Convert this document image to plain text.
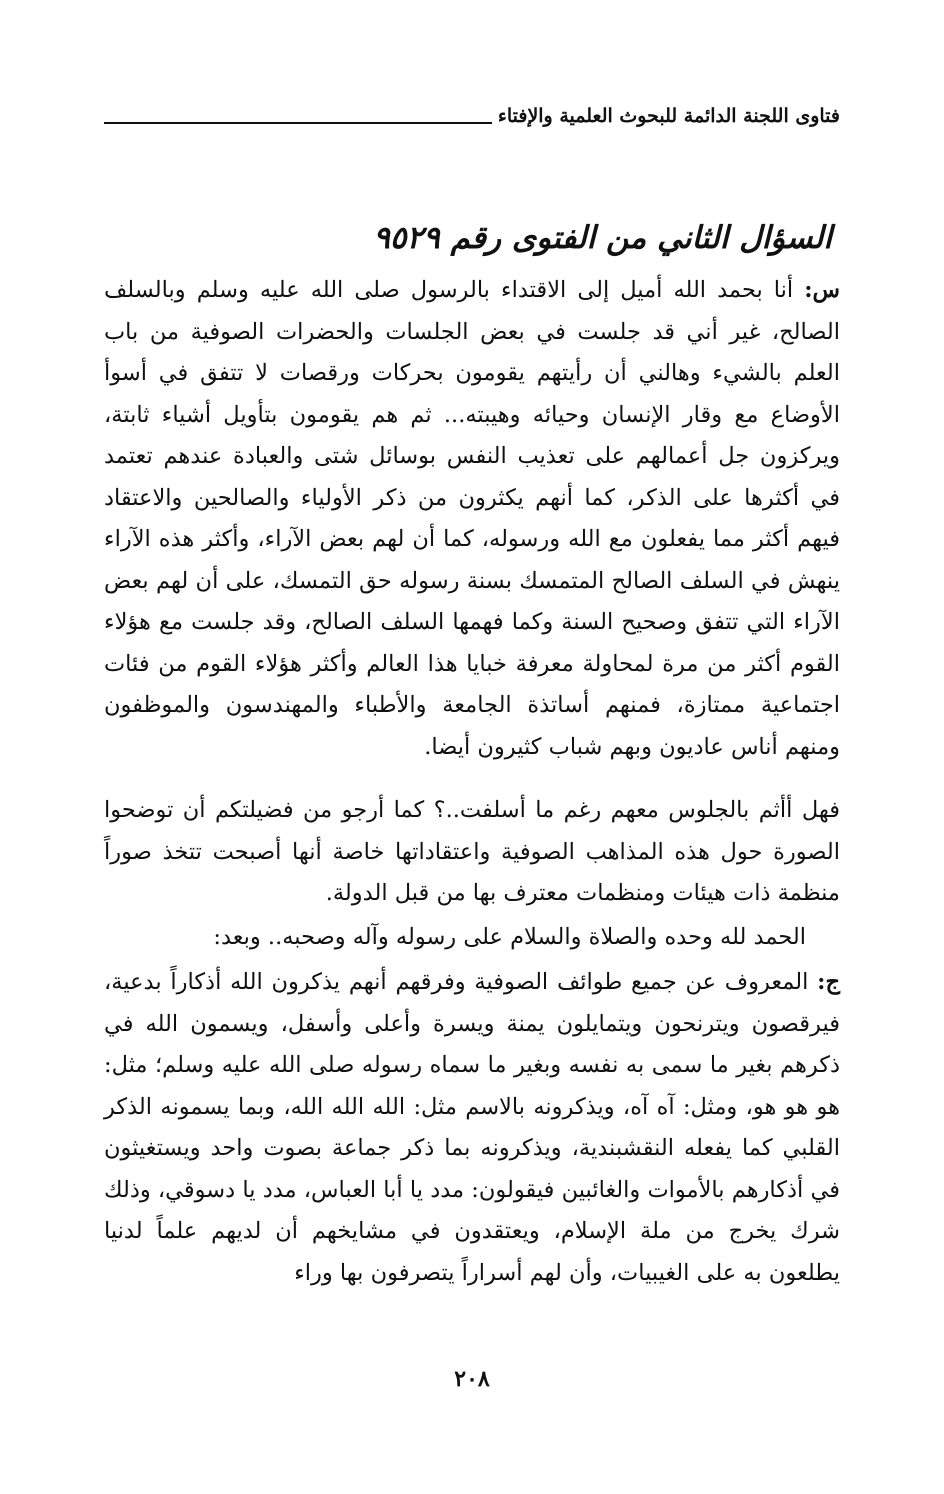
فتاوى اللجنة الدائمة للبحوث العلمية والإفتاء
السؤال الثاني من الفتوى رقم ٩٥٢٩
س: أنا بحمد الله أميل إلى الاقتداء بالرسول صلى الله عليه وسلم وبالسلف الصالح، غير أني قد جلست في بعض الجلسات والحضرات الصوفية من باب العلم بالشيء وهالني أن رأيتهم يقومون بحركات ورقصات لا تتفق في أسوأ الأوضاع مع وقار الإنسان وحيائه وهيبته... ثم هم يقومون بتأويل أشياء ثابتة، ويركزون جل أعمالهم على تعذيب النفس بوسائل شتى والعبادة عندهم تعتمد في أكثرها على الذكر، كما أنهم يكثرون من ذكر الأولياء والصالحين والاعتقاد فيهم أكثر مما يفعلون مع الله ورسوله، كما أن لهم بعض الآراء، وأكثر هذه الآراء ينهش في السلف الصالح المتمسك بسنة رسوله حق التمسك، على أن لهم بعض الآراء التي تتفق وصحيح السنة وكما فهمها السلف الصالح، وقد جلست مع هؤلاء القوم أكثر من مرة لمحاولة معرفة خبايا هذا العالم وأكثر هؤلاء القوم من فئات اجتماعية ممتازة، فمنهم أساتذة الجامعة والأطباء والمهندسون والموظفون ومنهم أناس عاديون وبهم شباب كثيرون أيضا.
فهل أأثم بالجلوس معهم رغم ما أسلفت..؟ كما أرجو من فضيلتكم أن توضحوا الصورة حول هذه المذاهب الصوفية واعتقاداتها خاصة أنها أصبحت تتخذ صوراً منظمة ذات هيئات ومنظمات معترف بها من قبل الدولة.
الحمد لله وحده والصلاة والسلام على رسوله وآله وصحبه.. وبعد:
ج: المعروف عن جميع طوائف الصوفية وفرقهم أنهم يذكرون الله أذكاراً بدعية، فيرقصون ويترنحون ويتمايلون يمنة ويسرة وأعلى وأسفل، ويسمون الله في ذكرهم بغير ما سمى به نفسه وبغير ما سماه رسوله صلى الله عليه وسلم؛ مثل: هو هو هو، ومثل: آه آه، ويذكرونه بالاسم مثل: الله الله الله، وبما يسمونه الذكر القلبي كما يفعله النقشبندية، ويذكرونه بما ذكر جماعة بصوت واحد ويستغيثون في أذكارهم بالأموات والغائبين فيقولون: مدد يا أبا العباس، مدد يا دسوقي، وذلك شرك يخرج من ملة الإسلام، ويعتقدون في مشايخهم أن لديهم علماً لدنيا يطلعون به على الغيبيات، وأن لهم أسراراً يتصرفون بها وراء
٢٠٨
